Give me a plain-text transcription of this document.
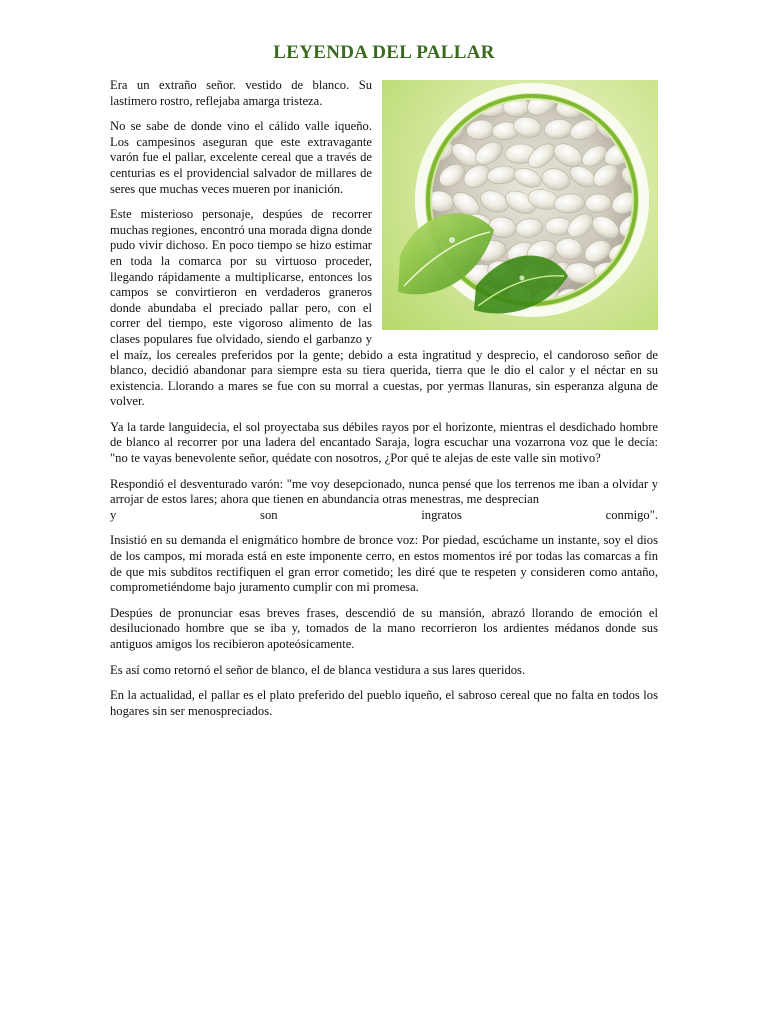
LEYENDA DEL PALLAR

Era un extraño señor. vestido de blanco. Su lastimero rostro, reflejaba amarga tristeza.

No se sabe de donde vino el cálido valle iqueño. Los campesinos aseguran que este extravagante varón fue el pallar, excelente cereal que a través de centurias es el providencial salvador de millares de seres que muchas veces mueren por inanición.

Este misterioso personaje, despúes de recorrer muchas regiones, encontró una morada digna donde pudo vivir dichoso. En poco tiempo se hizo estimar en toda la comarca por su virtuoso proceder, llegando rápidamente a multiplicarse, entonces los campos se convirtieron en verdaderos graneros donde abundaba el preciado pallar pero, con el correr del tiempo, este vigoroso alimento de las clases populares fue olvidado, siendo el garbanzo y el maíz, los cereales preferidos por la gente; debido a esta ingratitud y desprecio, el candoroso señor de blanco, decidió abandonar para siempre esta su tiera querida, tierra que le dio el calor y el néctar en su existencia. Llorando a mares se fue con su morral a cuestas, por yermas llanuras, sin esperanza alguna de volver.

Ya la tarde languidecia, el sol proyectaba sus débiles rayos por el horizonte, mientras el desdichado hombre de blanco al recorrer por una ladera del encantado Saraja, logra escuchar una vozarrona voz que le decía: "no te vayas benevolente señor, quédate con nosotros, ¿Por qué te alejas de este valle sin motivo?

Respondió el desventurado varón: "me voy desepcionado, nunca pensé que los terrenos me iban a olvidar y arrojar de estos lares; ahora que tienen en abundancia otras menestras, me desprecian
y son ingratos conmigo".

Insistió en su demanda el enigmático hombre de bronce voz: Por piedad, escúchame un instante, soy el dios de los campos, mi morada está en este imponente cerro, en estos momentos iré por todas las comarcas a fin de que mis subditos rectifiquen el gran error cometido; les diré que te respeten y consideren como antaño, comprometiéndome bajo juramento cumplir con mi promesa.

Despúes de pronunciar esas breves frases, descendió de su mansión, abrazó llorando de emoción el desilucionado hombre que se iba y, tomados de la mano recorrieron los ardientes médanos donde sus antiguos amigos los recibieron apoteósicamente.

Es así como retornó el señor de blanco, el de blanca vestidura a sus lares queridos.

En la actualidad, el pallar es el plato preferido del pueblo iqueño, el sabroso cereal que no falta en todos los hogares sin ser menospreciados.
